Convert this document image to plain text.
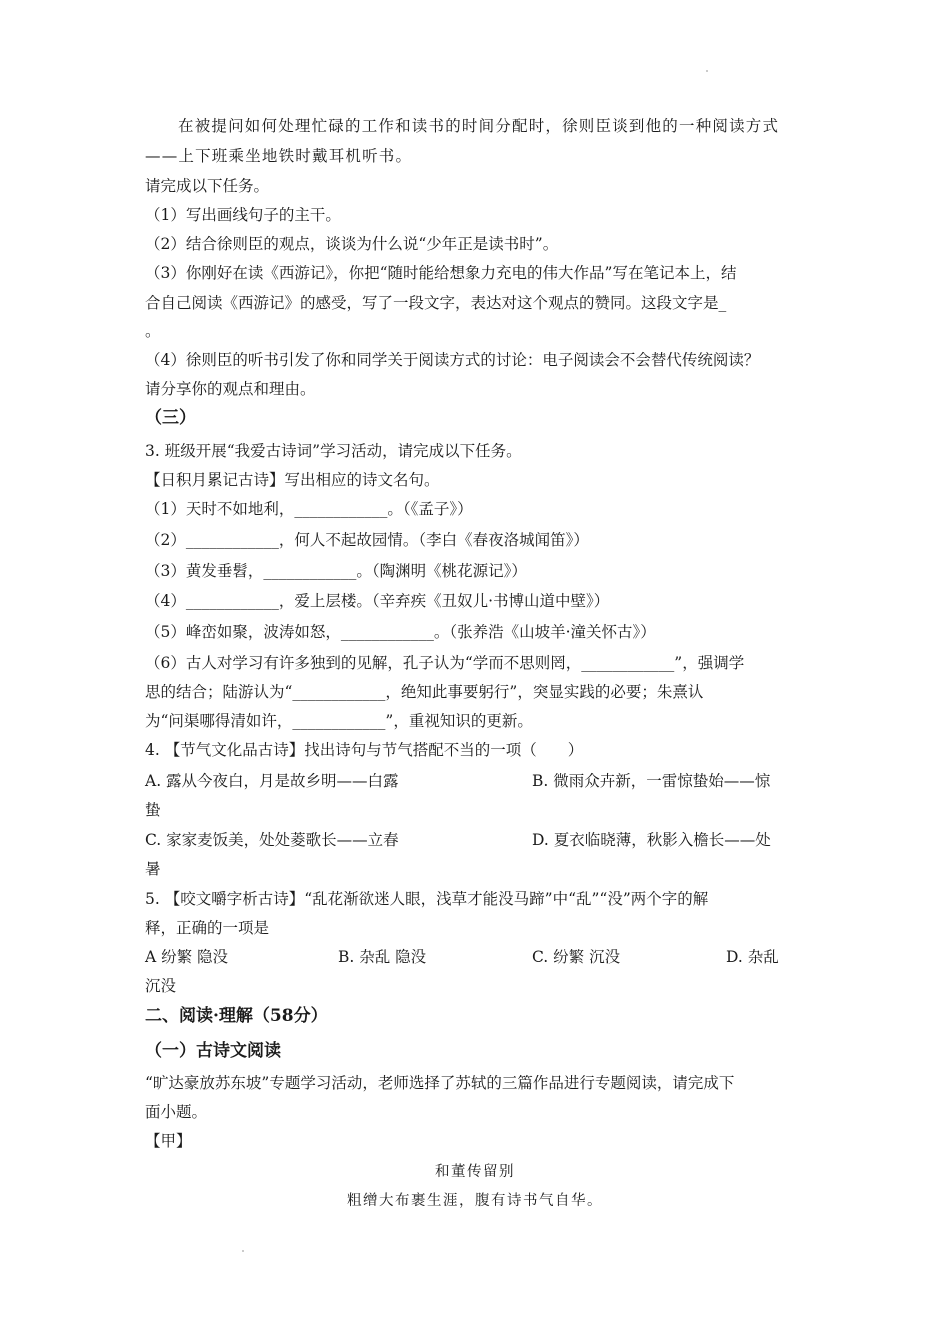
在被提问如何处理忙碌的工作和读书的时间分配时，徐则臣谈到他的一种阅读方式
——上下班乘坐地铁时戴耳机听书。
请完成以下任务。
（1）写出画线句子的主干。
（2）结合徐则臣的观点，谈谈为什么说“少年正是读书时”。
（3）你刚好在读《西游记》，你把“随时能给想象力充电的伟大作品”写在笔记本上，结
合自己阅读《西游记》的感受，写了一段文字，表达对这个观点的赞同。这段文字是_
。
（4）徐则臣的听书引发了你和同学关于阅读方式的讨论：电子阅读会不会替代传统阅读？
请分享你的观点和理由。
（三）
3. 班级开展“我爱古诗词”学习活动，请完成以下任务。
【日积月累记古诗】写出相应的诗文名句。
（1）天时不如地利，____________。（《孟子》）
（2）____________，何人不起故园情。（李白《春夜洛城闻笛》）
（3）黄发垂髫，____________。（陶渊明《桃花源记》）
（4）____________，爱上层楼。（辛弃疾《丑奴儿·书博山道中壁》）
（5）峰峦如聚，波涛如怒，____________。（张养浩《山坡羊·潼关怀古》）
（6）古人对学习有许多独到的见解，孔子认为“学而不思则罔，____________”，强调学
思的结合；陆游认为“____________，绝知此事要躬行”，突显实践的必要；朱熹认
为“问渠哪得清如许，____________”，重视知识的更新。
4. 【节气文化品古诗】找出诗句与节气搭配不当的一项（　　）
A. 露从今夜白，月是故乡明——白露	B. 微雨众卉新，一雷惊蛰始——惊
蛰
C. 家家麦饭美，处处菱歌长——立春	D. 夏衣临晓薄，秋影入檐长——处
暑
5. 【咬文嚼字析古诗】“乱花渐欲迷人眼，浅草才能没马蹄”中“乱”“没”两个字的解
释，正确的一项是
A 纷繁 隐没	B. 杂乱 隐没	C. 纷繁 沉没	D. 杂乱
沉没
二、阅读·理解（58分）
（一）古诗文阅读
“旷达豪放苏东坡”专题学习活动，老师选择了苏轼的三篇作品进行专题阅读，请完成下
面小题。
【甲】
和董传留别
粗缯大布裹生涯，腹有诗书气自华。
